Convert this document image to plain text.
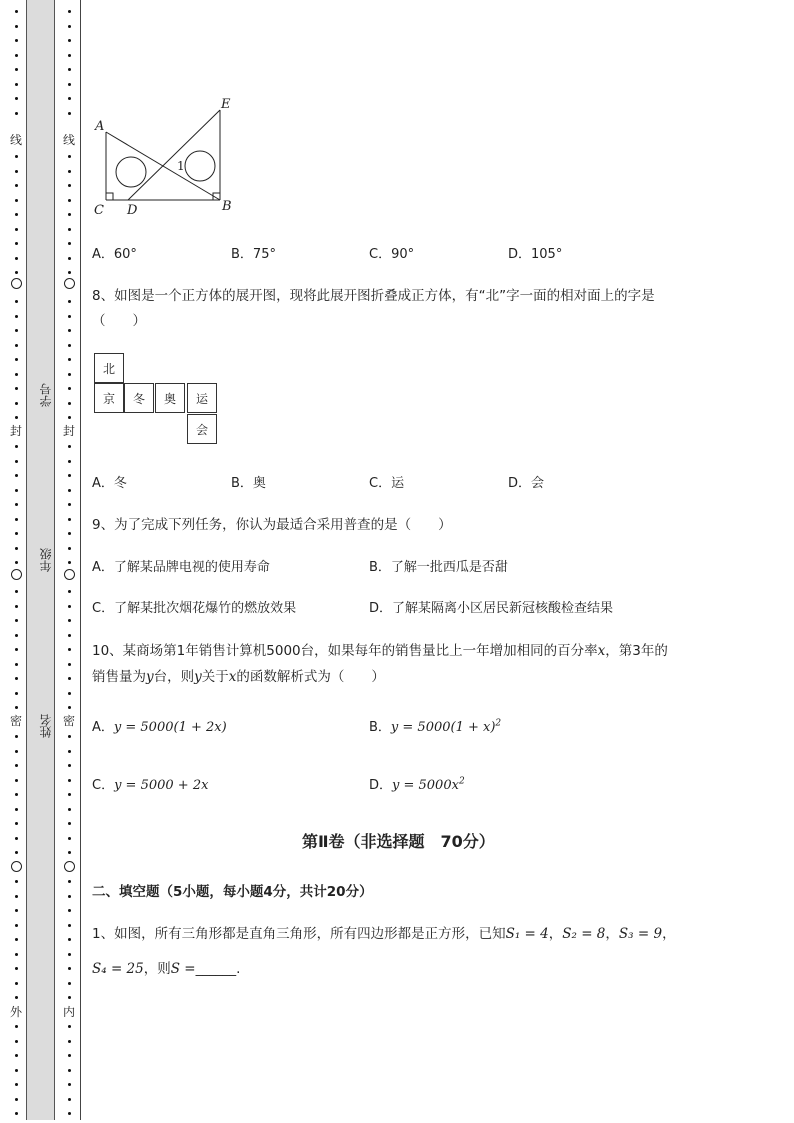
线
封
密
外
线
封
密
内
学号
年级
姓名
A
C D	B
E
1
A．60°	B．75°	C．90°	D．105°
8、如图是一个正方体的展开图，现将此展开图折叠成正方体，有“北”字一面的相对面上的字是
（　　）
北
京	冬	奥	运
会
A．冬	B．奥	C．运	D．会
9、为了完成下列任务，你认为最适合采用普查的是（　　）
A．了解某品牌电视的使用寿命	B．了解一批西瓜是否甜
C．了解某批次烟花爆竹的燃放效果	D．了解某隔离小区居民新冠核酸检查结果
10、某商场第1年销售计算机5000台，如果每年的销售量比上一年增加相同的百分率x，第3年的
销售量为y台，则y关于x的函数解析式为（　　）
A．y = 5000(1 + 2x)	B．$y = 5000(1 + x)^2$
C．y = 5000 + 2x	D．$y = 5000x^2$
第Ⅱ卷（非选择题　70分）
二、填空题（5小题，每小题4分，共计20分）
1、如图，所有三角形都是直角三角形，所有四边形都是正方形，已知S₁ = 4，S₂ = 8，S₃ = 9，
S₄ = 25，则S =______.
